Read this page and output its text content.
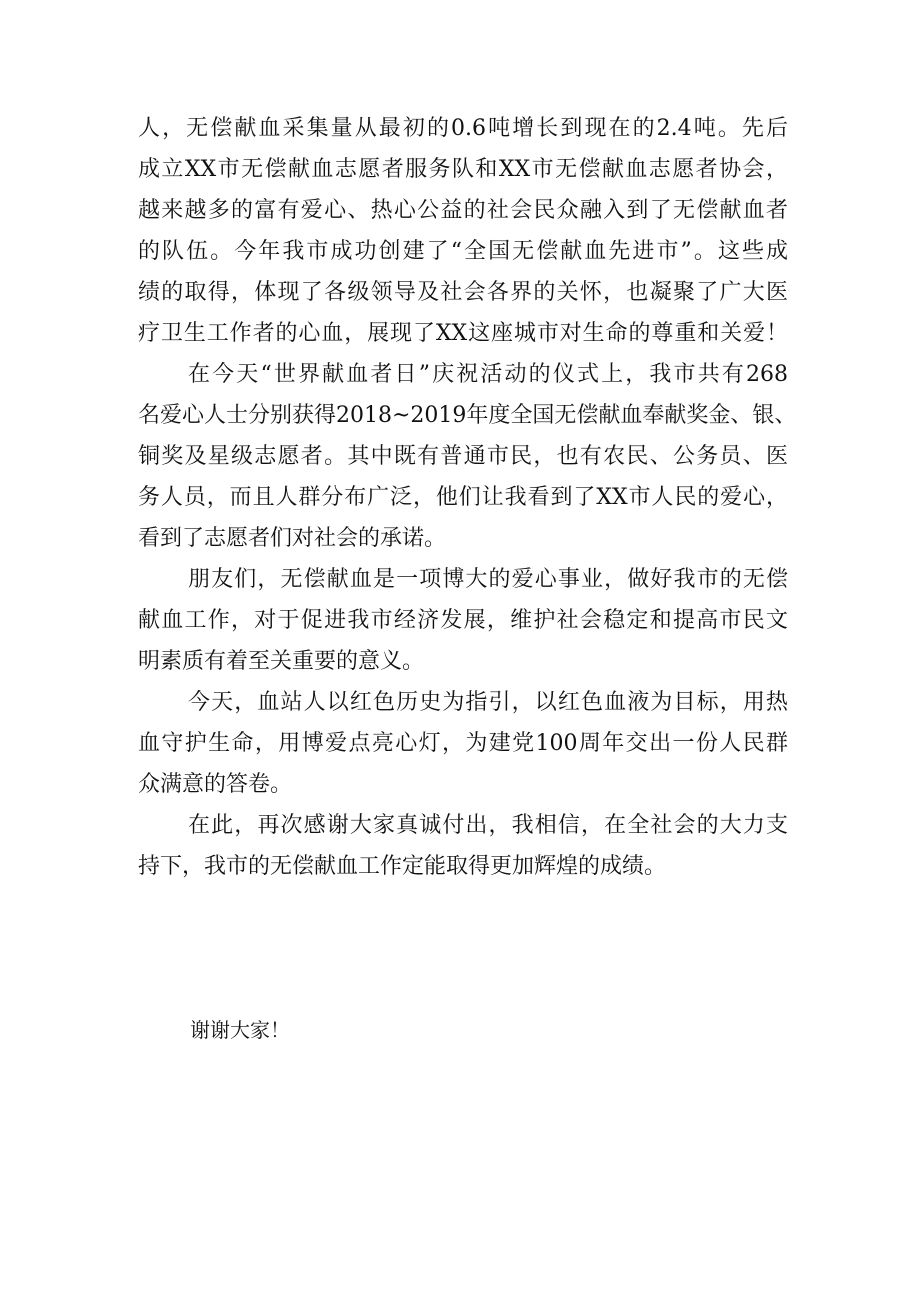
人，无偿献血采集量从最初的0.6吨增长到现在的2.4吨。先后
成立XX市无偿献血志愿者服务队和XX市无偿献血志愿者协会，
越来越多的富有爱心、热心公益的社会民众融入到了无偿献血者
的队伍。今年我市成功创建了“全国无偿献血先进市”。这些成
绩的取得，体现了各级领导及社会各界的关怀，也凝聚了广大医
疗卫生工作者的心血，展现了XX这座城市对生命的尊重和关爱！
在今天“世界献血者日”庆祝活动的仪式上，我市共有268
名爱心人士分别获得2018~2019年度全国无偿献血奉献奖金、银、
铜奖及星级志愿者。其中既有普通市民，也有农民、公务员、医
务人员，而且人群分布广泛，他们让我看到了XX市人民的爱心，
看到了志愿者们对社会的承诺。
朋友们，无偿献血是一项博大的爱心事业，做好我市的无偿
献血工作，对于促进我市经济发展，维护社会稳定和提高市民文
明素质有着至关重要的意义。
今天，血站人以红色历史为指引，以红色血液为目标，用热
血守护生命，用博爱点亮心灯，为建党100周年交出一份人民群
众满意的答卷。
在此，再次感谢大家真诚付出，我相信，在全社会的大力支
持下，我市的无偿献血工作定能取得更加辉煌的成绩。
谢谢大家！
